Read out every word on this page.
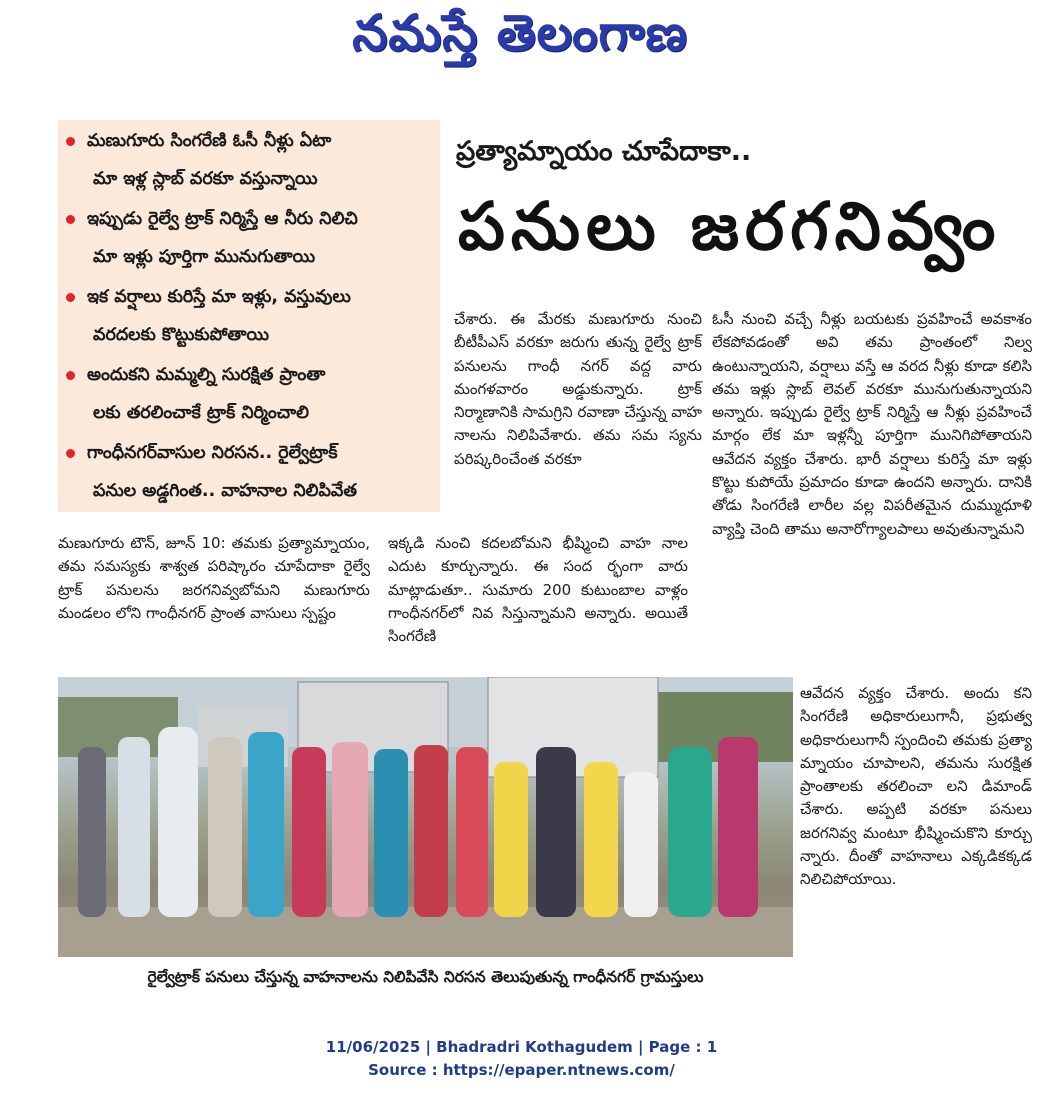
నమస్తే తెలంగాణ
మణుగూరు సింగరేణి ఓసీ నీళ్లు ఏటా
మా ఇళ్ల స్లాబ్ వరకూ వస్తున్నాయి
ఇప్పుడు రైల్వే ట్రాక్ నిర్మిస్తే ఆ నీరు నిలిచి
మా ఇళ్లు పూర్తిగా మునుగుతాయి
ఇక వర్షాలు కురిస్తే మా ఇళ్లు, వస్తువులు
వరదలకు కొట్టుకుపోతాయి
అందుకని మమ్మల్ని సురక్షిత ప్రాంతా
లకు తరలించాకే ట్రాక్ నిర్మించాలి
గాంధీనగర్‌వాసుల నిరసన.. రైల్వేట్రాక్
పనుల అడ్డగింత.. వాహనాల నిలిపివేత
ప్రత్యామ్నాయం చూపేదాకా..
పనులు జరగనివ్వం

చేశారు. ఈ మేరకు మణుగూరు నుంచి బీటీపీఎస్ వరకూ జరుగు తున్న రైల్వే ట్రాక్ పనులను గాంధీ నగర్ వద్ద వారు మంగళవారం అడ్డుకున్నారు. ట్రాక్ నిర్మాణానికి సామగ్రిని రవాణా చేస్తున్న వాహ నాలను నిలిపివేశారు. తమ సమ స్యను పరిష్కరించేంత వరకూ

మణుగూరు టౌన్, జూన్ 10: తమకు ప్రత్యామ్నాయం, తమ సమస్యకు శాశ్వత పరిష్కారం చూపేదాకా రైల్వే ట్రాక్ పనులను జరగనివ్వబోమని మణుగూరు మండలం లోని గాంధీనగర్ ప్రాంత వాసులు స్పష్టం

ఇక్కడి నుంచి కదలబోమని భీష్మించి వాహ నాల ఎదుట కూర్చున్నారు. ఈ సంద ర్భంగా వారు మాట్లాడుతూ.. సుమారు 200 కుటుంబాల వాళ్లం గాంధీనగర్‌లో నివ సిస్తున్నామని అన్నారు. అయితే సింగరేణి

ఓసీ నుంచి వచ్చే నీళ్లు బయటకు ప్రవహించే అవకాశం లేకపోవడంతో అవి తమ ప్రాంతంలో నిల్వ ఉంటున్నాయని, వర్షాలు వస్తే ఆ వరద నీళ్లు కూడా కలిసి తమ ఇళ్లు స్లాబ్ లెవల్ వరకూ మునుగుతున్నాయని అన్నారు. ఇప్పుడు రైల్వే ట్రాక్ నిర్మిస్తే ఆ నీళ్లు ప్రవహించే మార్గం లేక మా ఇళ్లన్నీ పూర్తిగా మునిగిపోతాయని ఆవేదన వ్యక్తం చేశారు. భారీ వర్షాలు కురిస్తే మా ఇళ్లు కొట్టు కుపోయే ప్రమాదం కూడా ఉందని అన్నారు. దానికి తోడు సింగరేణి లారీల వల్ల విపరీతమైన దుమ్ముధూళి వ్యాప్తి చెంది తాము అనారోగ్యాలపాలు అవుతున్నామని

ఆవేదన వ్యక్తం చేశారు. అందు కని సింగరేణి అధికారులుగానీ, ప్రభుత్వ అధికారులుగానీ స్పందించి తమకు ప్రత్యా మ్నాయం చూపాలని, తమను సురక్షిత ప్రాంతాలకు తరలించా లని డిమాండ్ చేశారు. అప్పటి వరకూ పనులు జరగనివ్వ మంటూ భీష్మించుకొని కూర్చు న్నారు. దీంతో వాహనాలు ఎక్కడికక్కడ నిలిచిపోయాయి.

రైల్వేట్రాక్ పనులు చేస్తున్న వాహనాలను నిలిపివేసి నిరసన తెలుపుతున్న గాంధీనగర్ గ్రామస్తులు
11/06/2025 | Bhadradri Kothagudem | Page : 1
Source : https://epaper.ntnews.com/
